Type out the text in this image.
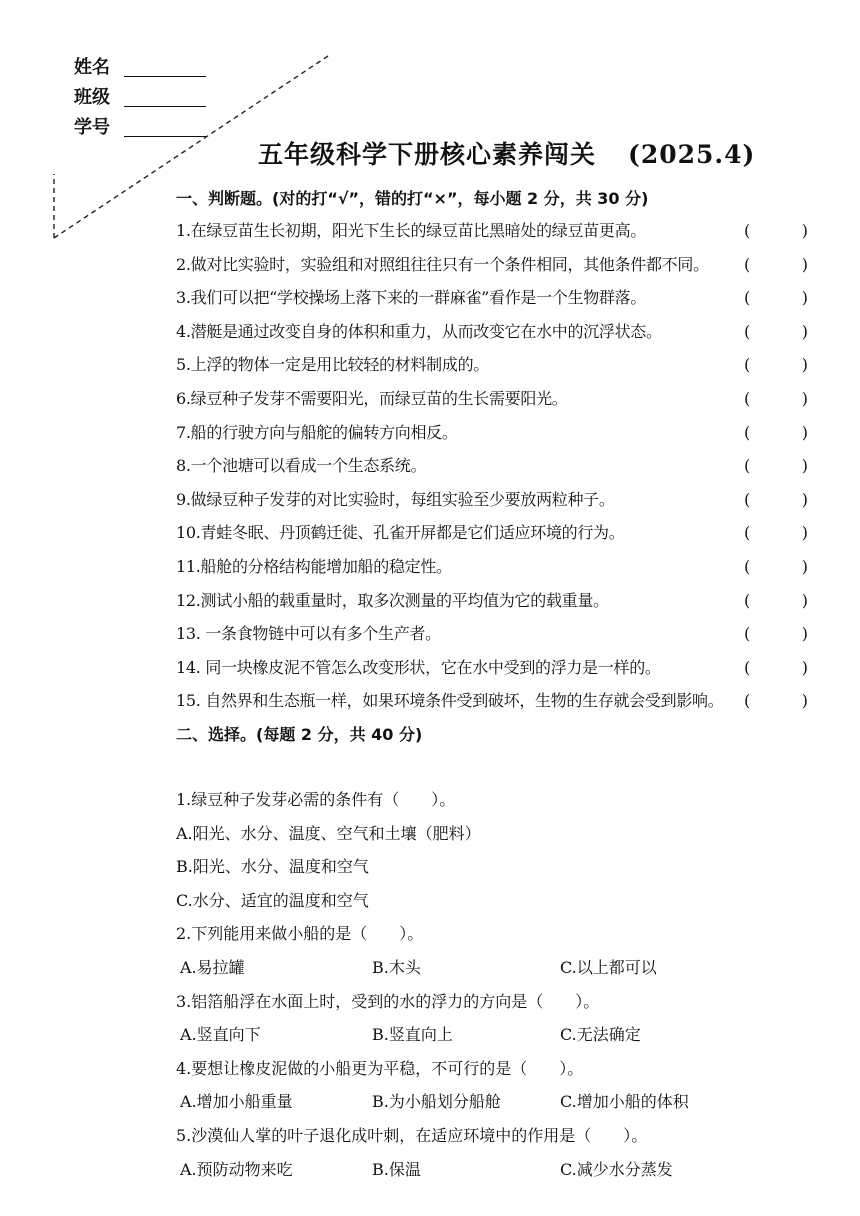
姓名
班级
学号
五年级科学下册核心素养闯关 (2025.4)
一、判断题。(对的打“√”，错的打“×”，每小题 2 分，共 30 分)
1.在绿豆苗生长初期，阳光下生长的绿豆苗比黑暗处的绿豆苗更高。	(	)
2.做对比实验时，实验组和对照组往往只有一个条件相同，其他条件都不同。 (	)
3.我们可以把“学校操场上落下来的一群麻雀”看作是一个生物群落。	(	)
4.潜艇是通过改变自身的体积和重力，从而改变它在水中的沉浮状态。	(	)
5.上浮的物体一定是用比较轻的材料制成的。	(	)
6.绿豆种子发芽不需要阳光，而绿豆苗的生长需要阳光。	(	)
7.船的行驶方向与船舵的偏转方向相反。	(	)
8.一个池塘可以看成一个生态系统。	(	)
9.做绿豆种子发芽的对比实验时，每组实验至少要放两粒种子。	(	)
10.青蛙冬眠、丹顶鹤迁徙、孔雀开屏都是它们适应环境的行为。	(	)
11.船舱的分格结构能增加船的稳定性。	(	)
12.测试小船的载重量时，取多次测量的平均值为它的载重量。	(	)
13. 一条食物链中可以有多个生产者。	(	)
14. 同一块橡皮泥不管怎么改变形状，它在水中受到的浮力是一样的。	(	)
15. 自然界和生态瓶一样，如果环境条件受到破坏，生物的生存就会受到影响。 (	)
二、选择。(每题 2 分，共 40 分)
1.绿豆种子发芽必需的条件有（　　）。
A.阳光、水分、温度、空气和土壤（肥料）
B.阳光、水分、温度和空气
C.水分、适宜的温度和空气
2.下列能用来做小船的是（　　）。
A.易拉罐	B.木头	C.以上都可以
3.铝箔船浮在水面上时，受到的水的浮力的方向是（　　）。
A.竖直向下	B.竖直向上	C.无法确定
4.要想让橡皮泥做的小船更为平稳，不可行的是（　　）。
A.增加小船重量	B.为小船划分船舱	C.增加小船的体积
5.沙漠仙人掌的叶子退化成叶刺，在适应环境中的作用是（　　）。
A.预防动物来吃	B.保温	C.减少水分蒸发
